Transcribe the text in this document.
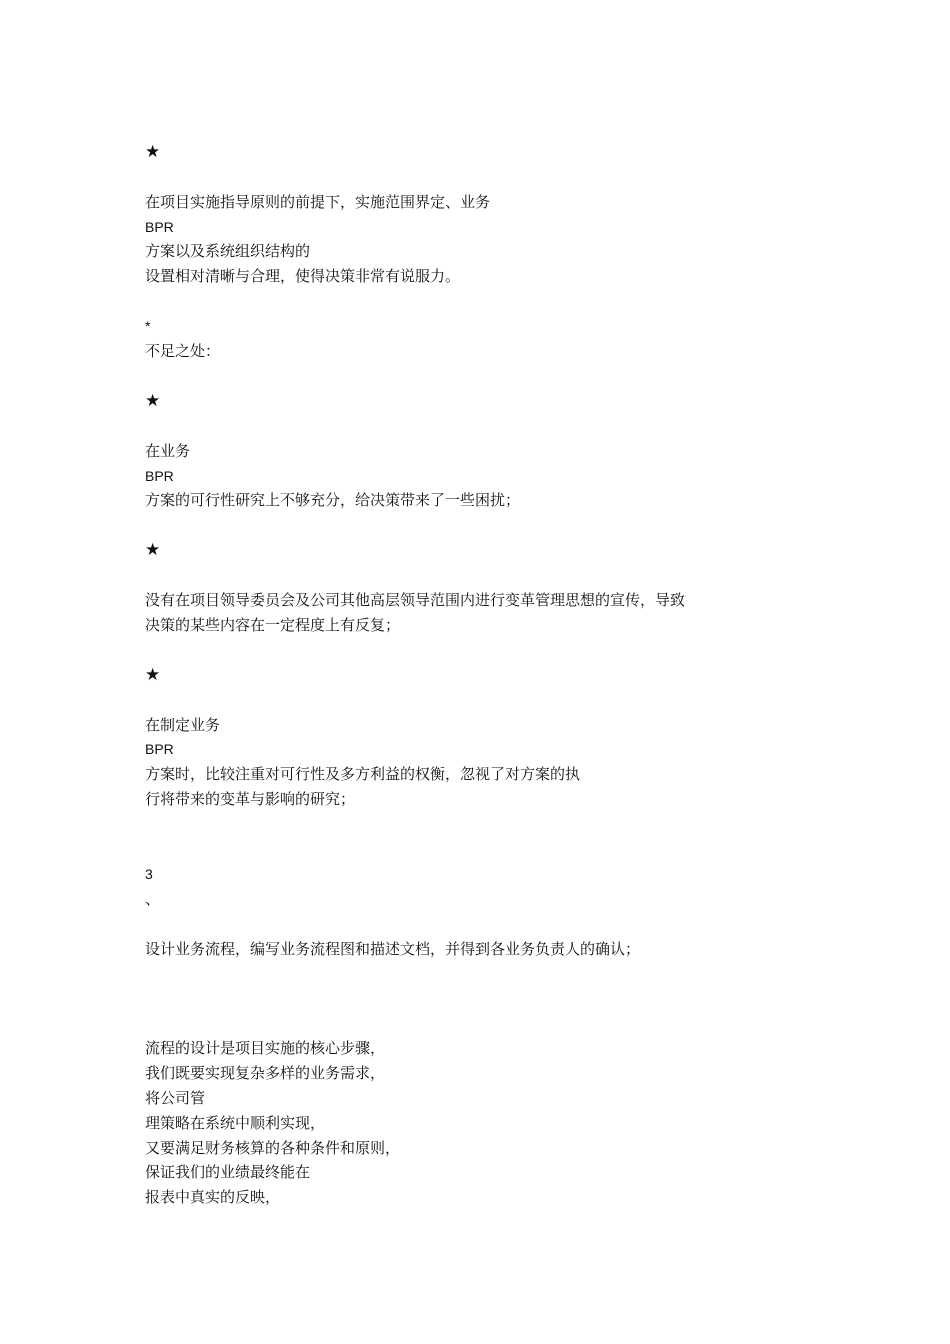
★
在项目实施指导原则的前提下，实施范围界定、业务
BPR
方案以及系统组织结构的
设置相对清晰与合理，使得决策非常有说服力。
*
不足之处：
★
在业务
BPR
方案的可行性研究上不够充分，给决策带来了一些困扰；
★
没有在项目领导委员会及公司其他高层领导范围内进行变革管理思想的宣传，导致
决策的某些内容在一定程度上有反复；
★
在制定业务
BPR
方案时，比较注重对可行性及多方利益的权衡，忽视了对方案的执
行将带来的变革与影响的研究；
3
、
设计业务流程，编写业务流程图和描述文档，并得到各业务负责人的确认；
流程的设计是项目实施的核心步骤，
我们既要实现复杂多样的业务需求，
将公司管
理策略在系统中顺利实现，
又要满足财务核算的各种条件和原则，
保证我们的业绩最终能在
报表中真实的反映，
